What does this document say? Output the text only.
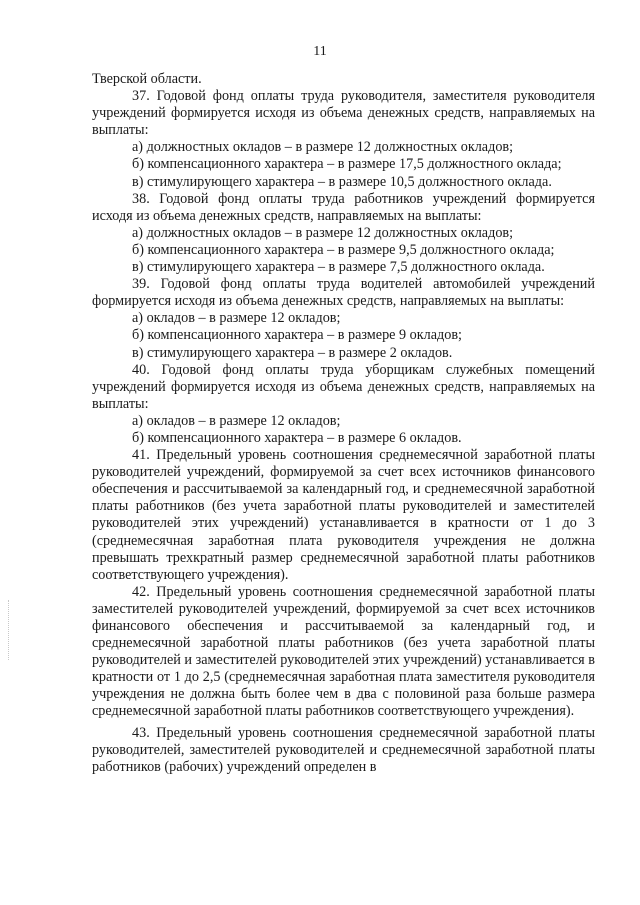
11

Тверской области.

37. Годовой фонд оплаты труда руководителя, заместителя руководителя учреждений формируется исходя из объема денежных средств, направляемых на выплаты:

а) должностных окладов – в размере 12 должностных окладов;

б) компенсационного характера – в размере 17,5 должностного оклада;

в) стимулирующего характера – в размере 10,5 должностного оклада.

38. Годовой фонд оплаты труда работников учреждений формируется исходя из объема денежных средств, направляемых на выплаты:

а) должностных окладов – в размере 12 должностных окладов;

б) компенсационного характера – в размере 9,5 должностного оклада;

в) стимулирующего характера – в размере 7,5 должностного оклада.

39. Годовой фонд оплаты труда водителей автомобилей учреждений формируется исходя из объема денежных средств, направляемых на выплаты:

а) окладов – в размере 12 окладов;

б) компенсационного характера – в размере 9 окладов;

в) стимулирующего характера – в размере 2 окладов.

40. Годовой фонд оплаты труда уборщикам служебных помещений учреждений формируется исходя из объема денежных средств, направляемых на выплаты:

а) окладов – в размере 12 окладов;

б) компенсационного характера – в размере 6 окладов.

41. Предельный уровень соотношения среднемесячной заработной платы руководителей учреждений, формируемой за счет всех источников финансового обеспечения и рассчитываемой за календарный год, и среднемесячной заработной платы работников (без учета заработной платы руководителей и заместителей руководителей этих учреждений) устанавливается в кратности от 1 до 3 (среднемесячная заработная плата руководителя учреждения не должна превышать трехкратный размер среднемесячной заработной платы работников соответствующего учреждения).

42. Предельный уровень соотношения среднемесячной заработной платы заместителей руководителей учреждений, формируемой за счет всех источников финансового обеспечения и рассчитываемой за календарный год, и среднемесячной заработной платы работников (без учета заработной платы руководителей и заместителей руководителей этих учреждений) устанавливается в кратности от 1 до 2,5 (среднемесячная заработная плата заместителя руководителя учреждения не должна быть более чем в два с половиной раза больше размера среднемесячной заработной платы работников соответствующего учреждения).

43. Предельный уровень соотношения среднемесячной заработной платы руководителей, заместителей руководителей и среднемесячной заработной платы работников (рабочих) учреждений определен в
